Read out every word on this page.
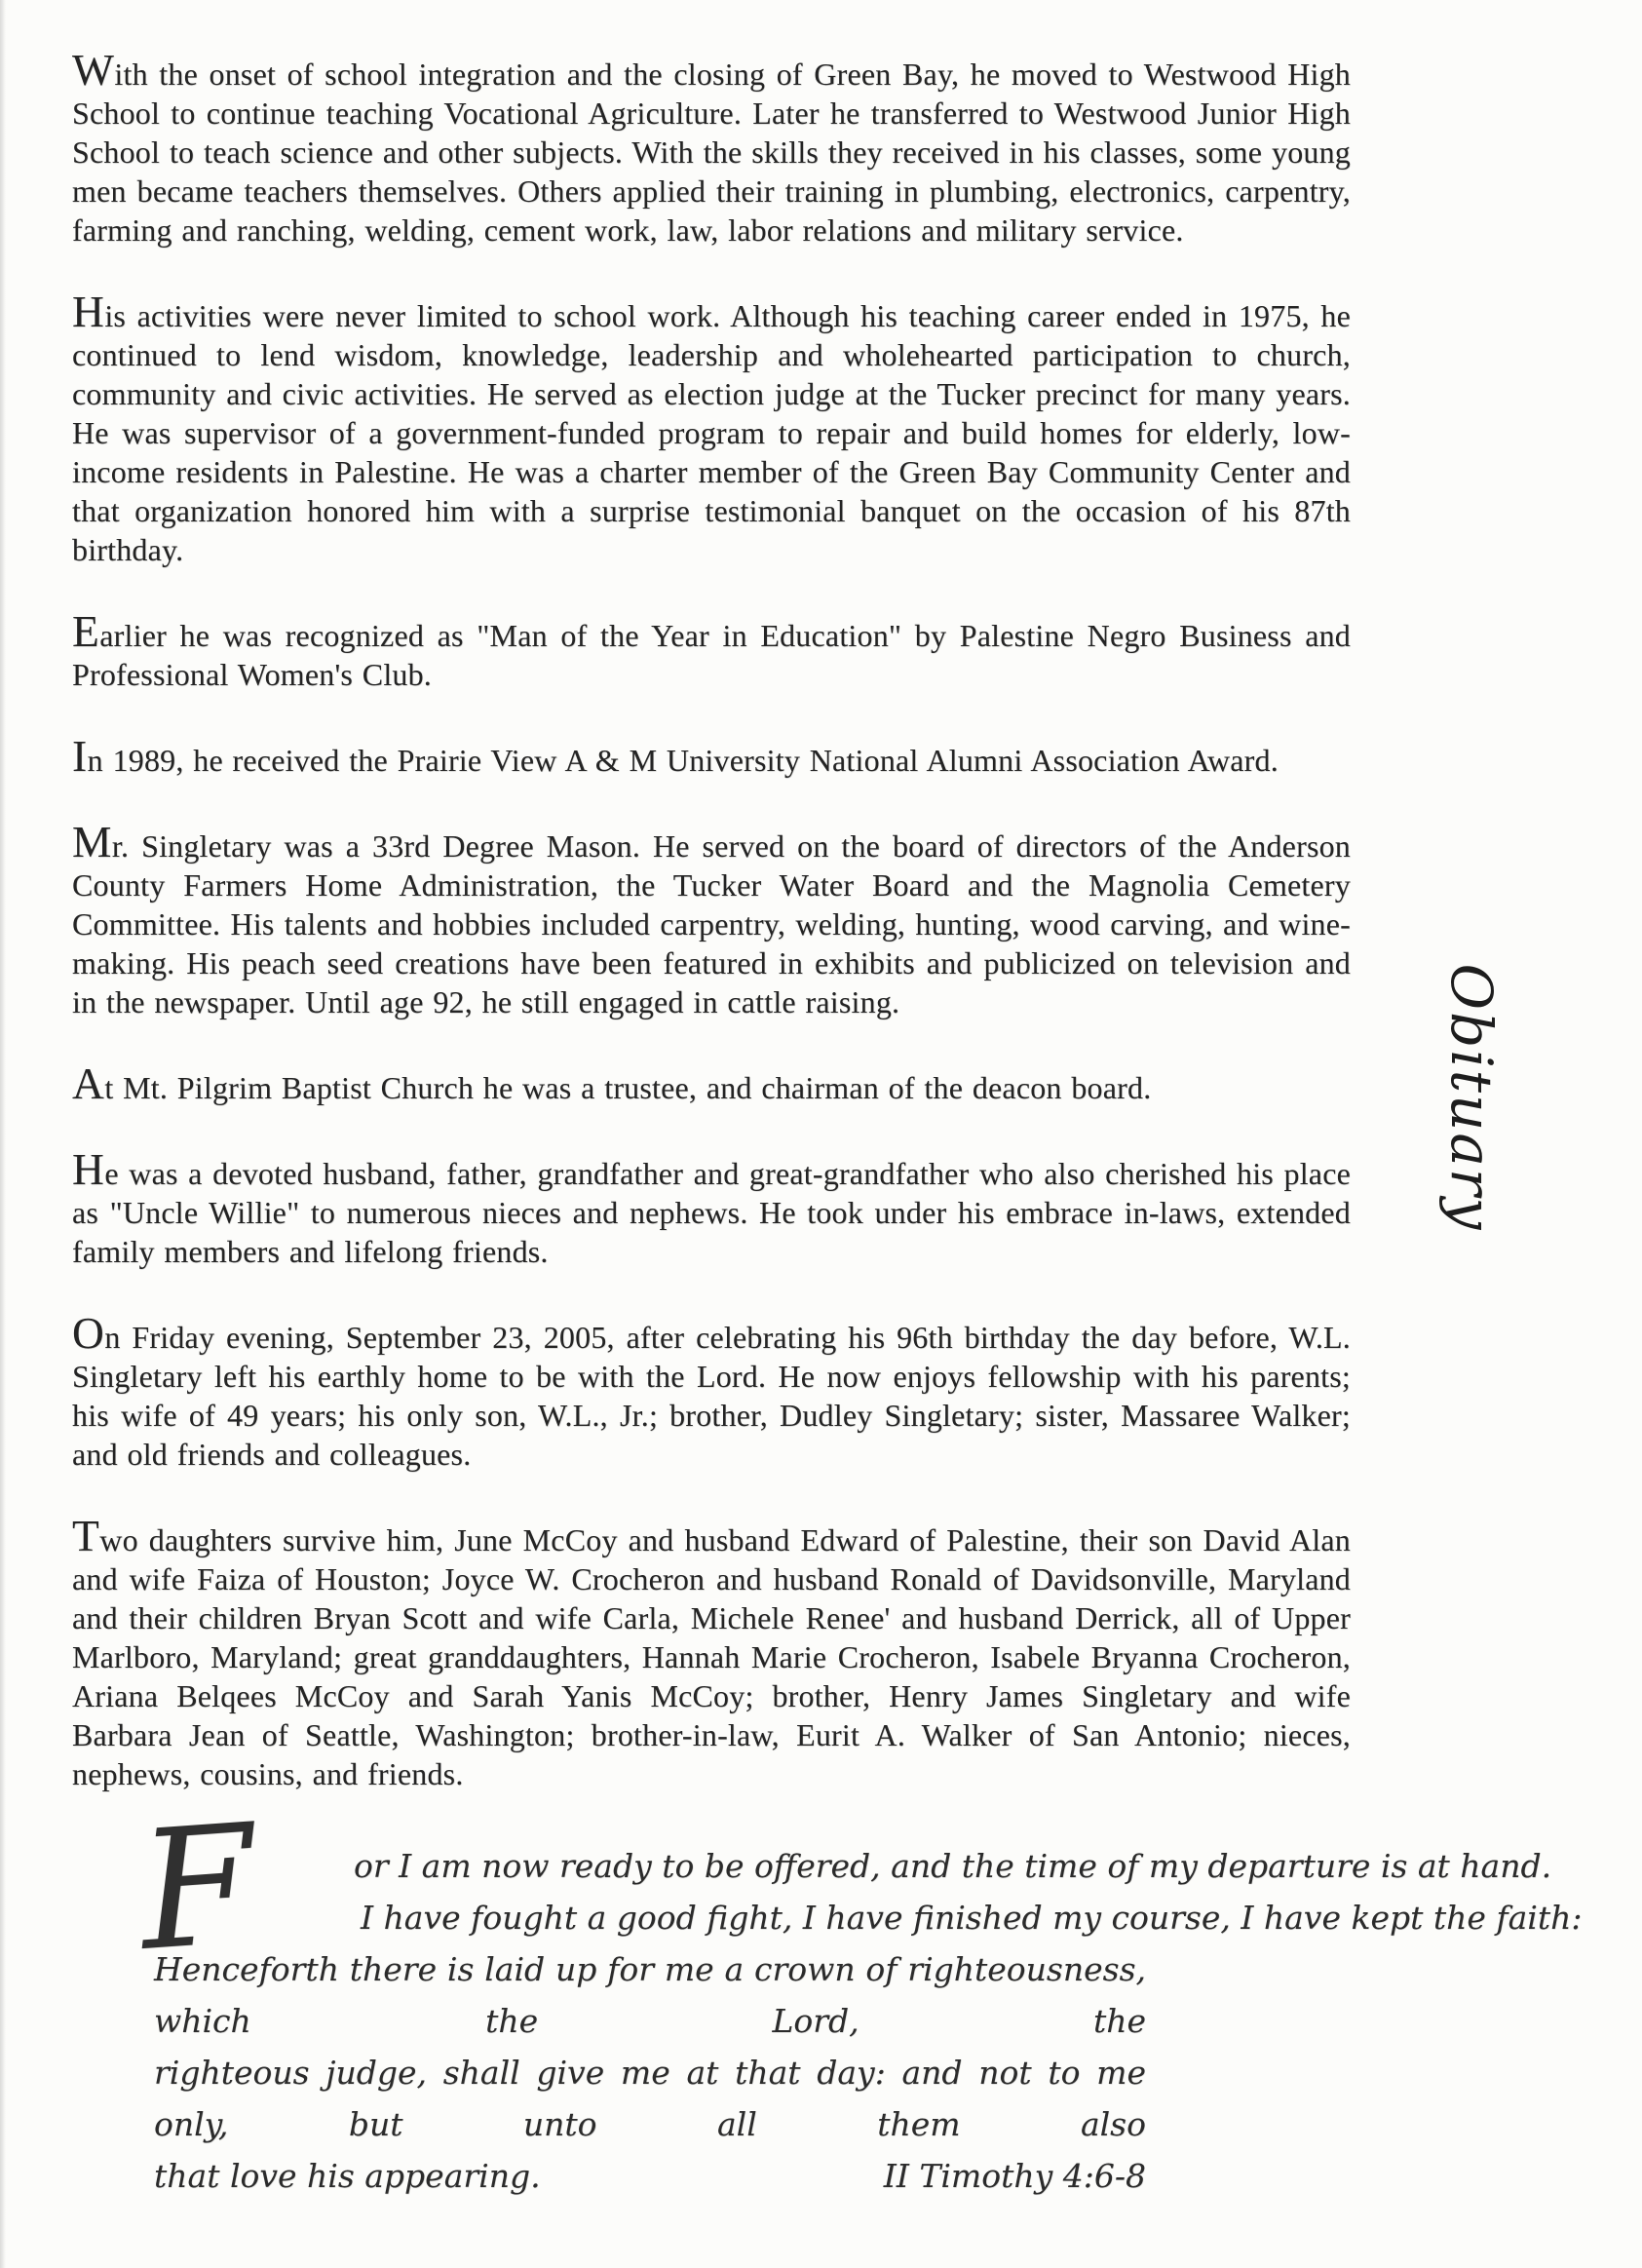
With the onset of school integration and the closing of Green Bay, he moved to Westwood High School to continue teaching Vocational Agriculture. Later he transferred to Westwood Junior High School to teach science and other subjects. With the skills they received in his classes, some young men became teachers themselves. Others applied their training in plumbing, electronics, carpentry, farming and ranching, welding, cement work, law, labor relations and military service.

His activities were never limited to school work. Although his teaching career ended in 1975, he continued to lend wisdom, knowledge, leadership and wholehearted participation to church, community and civic activities. He served as election judge at the Tucker precinct for many years. He was supervisor of a government-funded program to repair and build homes for elderly, low-income residents in Palestine. He was a charter member of the Green Bay Community Center and that organization honored him with a surprise testimonial banquet on the occasion of his 87th birthday.

Earlier he was recognized as "Man of the Year in Education" by Palestine Negro Business and Professional Women's Club.

In 1989, he received the Prairie View A & M University National Alumni Association Award.

Mr. Singletary was a 33rd Degree Mason. He served on the board of directors of the Anderson County Farmers Home Administration, the Tucker Water Board and the Magnolia Cemetery Committee. His talents and hobbies included carpentry, welding, hunting, wood carving, and wine-making. His peach seed creations have been featured in exhibits and publicized on television and in the newspaper. Until age 92, he still engaged in cattle raising.

At Mt. Pilgrim Baptist Church he was a trustee, and chairman of the deacon board.

He was a devoted husband, father, grandfather and great-grandfather who also cherished his place as "Uncle Willie" to numerous nieces and nephews. He took under his embrace in-laws, extended family members and lifelong friends.

On Friday evening, September 23, 2005, after celebrating his 96th birthday the day before, W.L. Singletary left his earthly home to be with the Lord. He now enjoys fellowship with his parents; his wife of 49 years; his only son, W.L., Jr.; brother, Dudley Singletary; sister, Massaree Walker; and old friends and colleagues.

Two daughters survive him, June McCoy and husband Edward of Palestine, their son David Alan and wife Faiza of Houston; Joyce W. Crocheron and husband Ronald of Davidsonville, Maryland and their children Bryan Scott and wife Carla, Michele Renee' and husband Derrick, all of Upper Marlboro, Maryland; great granddaughters, Hannah Marie Crocheron, Isabele Bryanna Crocheron, Ariana Belqees McCoy and Sarah Yanis McCoy; brother, Henry James Singletary and wife Barbara Jean of Seattle, Washington; brother-in-law, Eurit A. Walker of San Antonio; nieces, nephews, cousins, and friends.

Obituary
F	or I am now ready to be offered, and the time of my departure is at hand.
I have fought a good fight, I have finished my course, I have kept the faith:
Henceforth there is laid up for me a crown of righteousness, which the Lord, the
righteous judge, shall give me at that day: and not to me only, but unto all them also
that love his appearing.	II Timothy 4:6-8
